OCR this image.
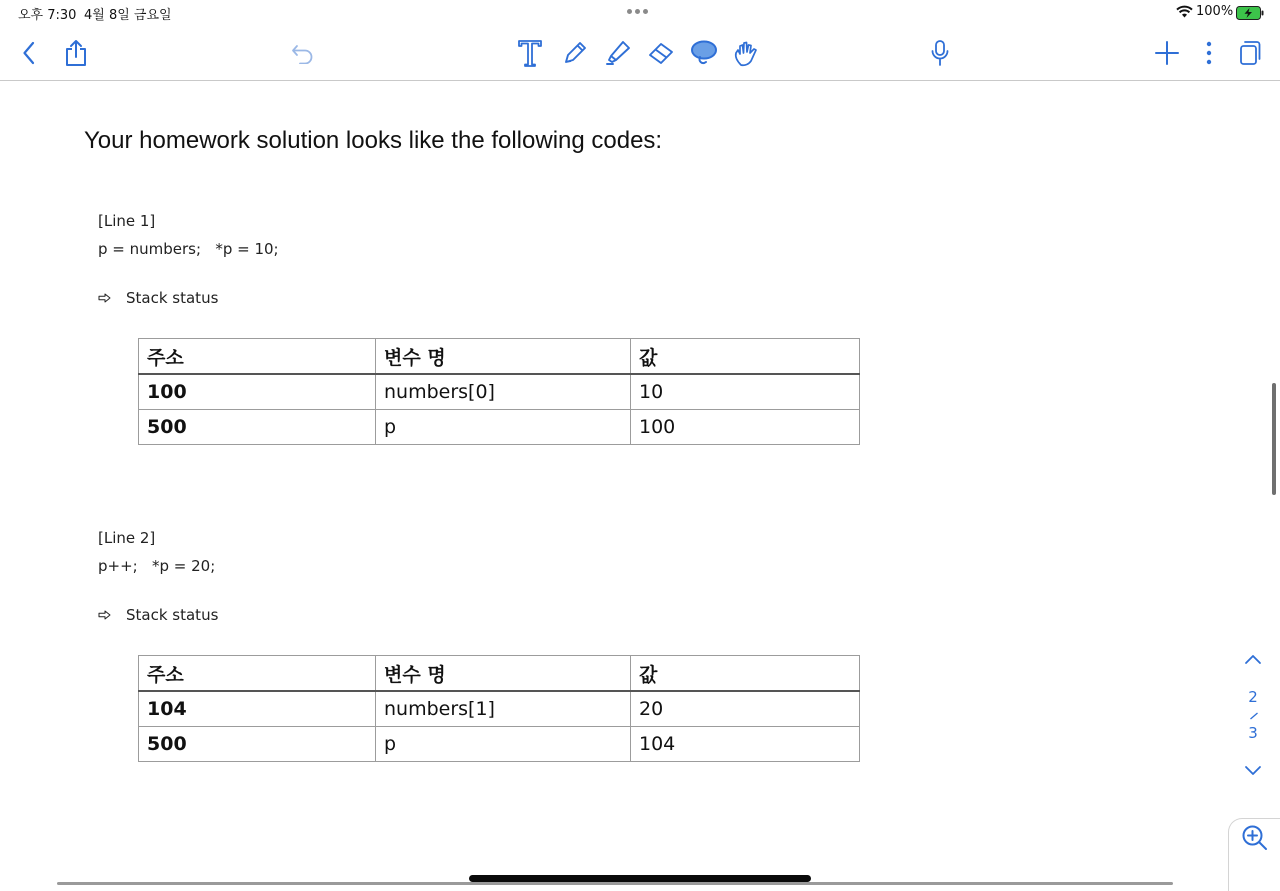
오후 7:30 4월 8일 금요일	100%
Your homework solution looks like the following codes:
[Line 1]
p = numbers;   *p = 10;
Stack status
주소	변수 명	값
100	numbers[0]	10
500	p	100
[Line 2]
p++;   *p = 20;
Stack status
주소	변수 명	값
104	numbers[1]	20
500	p	104
2
3
